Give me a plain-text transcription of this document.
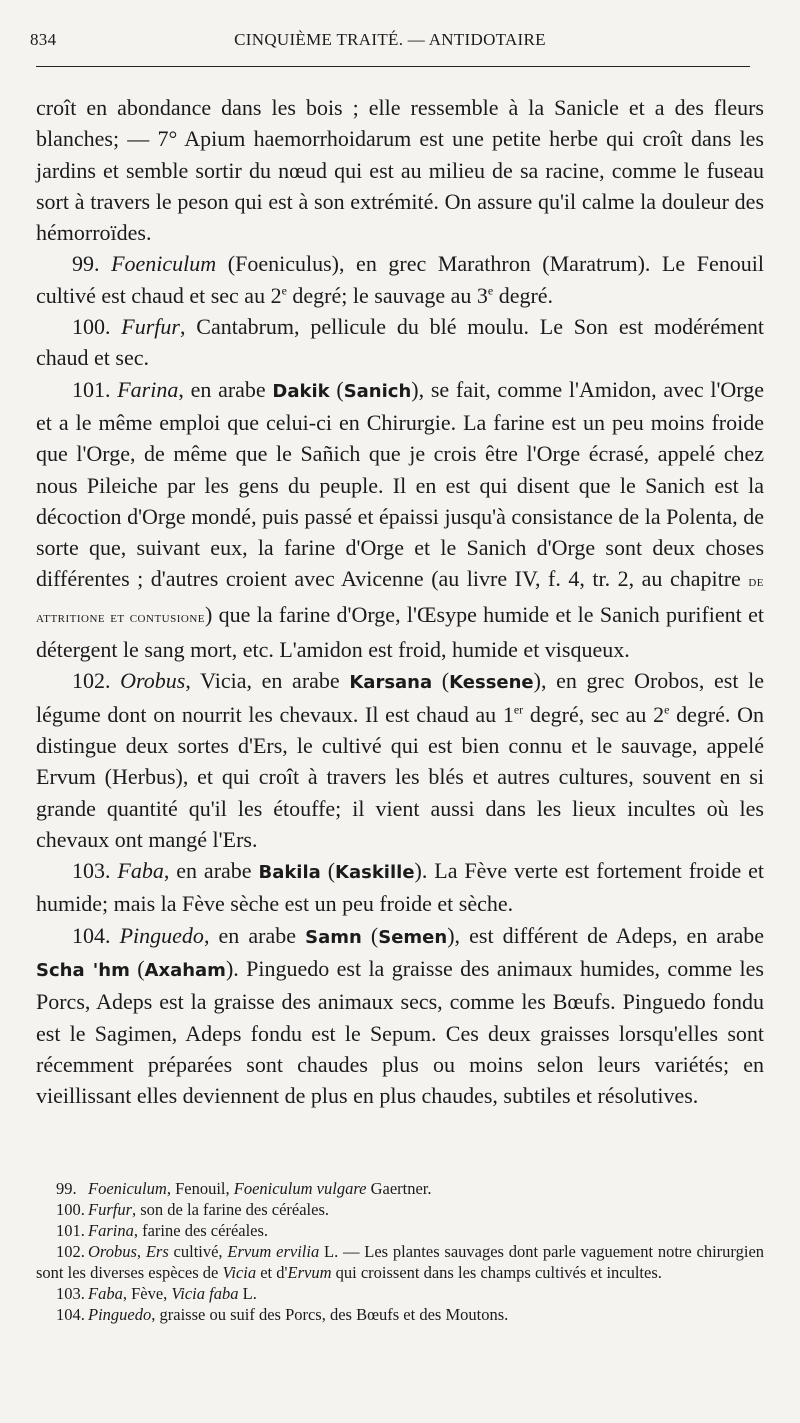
834	CINQUIÈME TRAITÉ. — ANTIDOTAIRE

croît en abondance dans les bois ; elle ressemble à la Sanicle et a des fleurs blanches; — 7° Apium haemorrhoidarum est une petite herbe qui croît dans les jardins et semble sortir du nœud qui est au milieu de sa racine, comme le fuseau sort à travers le peson qui est à son extrémité. On assure qu'il calme la douleur des hémorroïdes.

99. Foeniculum (Foeniculus), en grec Marathron (Maratrum). Le Fenouil cultivé est chaud et sec au 2e degré; le sauvage au 3e degré.

100. Furfur, Cantabrum, pellicule du blé moulu. Le Son est modérément chaud et sec.

101. Farina, en arabe Dakik (Sanich), se fait, comme l'Amidon, avec l'Orge et a le même emploi que celui-ci en Chirurgie. La farine est un peu moins froide que l'Orge, de même que le Sañich que je crois être l'Orge écrasé, appelé chez nous Pileiche par les gens du peuple. Il en est qui disent que le Sanich est la décoction d'Orge mondé, puis passé et épaissi jusqu'à consistance de la Polenta, de sorte que, suivant eux, la farine d'Orge et le Sanich d'Orge sont deux choses différentes ; d'autres croient avec Avicenne (au livre IV, f. 4, tr. 2, au chapitre de attritione et contusione) que la farine d'Orge, l'Œsype humide et le Sanich purifient et détergent le sang mort, etc. L'amidon est froid, humide et visqueux.

102. Orobus, Vicia, en arabe Karsana (Kessene), en grec Orobos, est le légume dont on nourrit les chevaux. Il est chaud au 1er degré, sec au 2e degré. On distingue deux sortes d'Ers, le cultivé qui est bien connu et le sauvage, appelé Ervum (Herbus), et qui croît à travers les blés et autres cultures, souvent en si grande quantité qu'il les étouffe; il vient aussi dans les lieux incultes où les chevaux ont mangé l'Ers.

103. Faba, en arabe Bakila (Kaskille). La Fève verte est fortement froide et humide; mais la Fève sèche est un peu froide et sèche.

104. Pinguedo, en arabe Samn (Semen), est différent de Adeps, en arabe Scha 'hm (Axaham). Pinguedo est la graisse des animaux humides, comme les Porcs, Adeps est la graisse des animaux secs, comme les Bœufs. Pinguedo fondu est le Sagimen, Adeps fondu est le Sepum. Ces deux graisses lorsqu'elles sont récemment préparées sont chaudes plus ou moins selon leurs variétés; en vieillissant elles deviennent de plus en plus chaudes, subtiles et résolutives.

99. Foeniculum, Fenouil, Foeniculum vulgare Gaertner.

100. Furfur, son de la farine des céréales.

101. Farina, farine des céréales.

102. Orobus, Ers cultivé, Ervum ervilia L. — Les plantes sauvages dont parle vaguement notre chirurgien sont les diverses espèces de Vicia et d'Ervum qui croissent dans les champs cultivés et incultes.

103. Faba, Fève, Vicia faba L.

104. Pinguedo, graisse ou suif des Porcs, des Bœufs et des Moutons.
